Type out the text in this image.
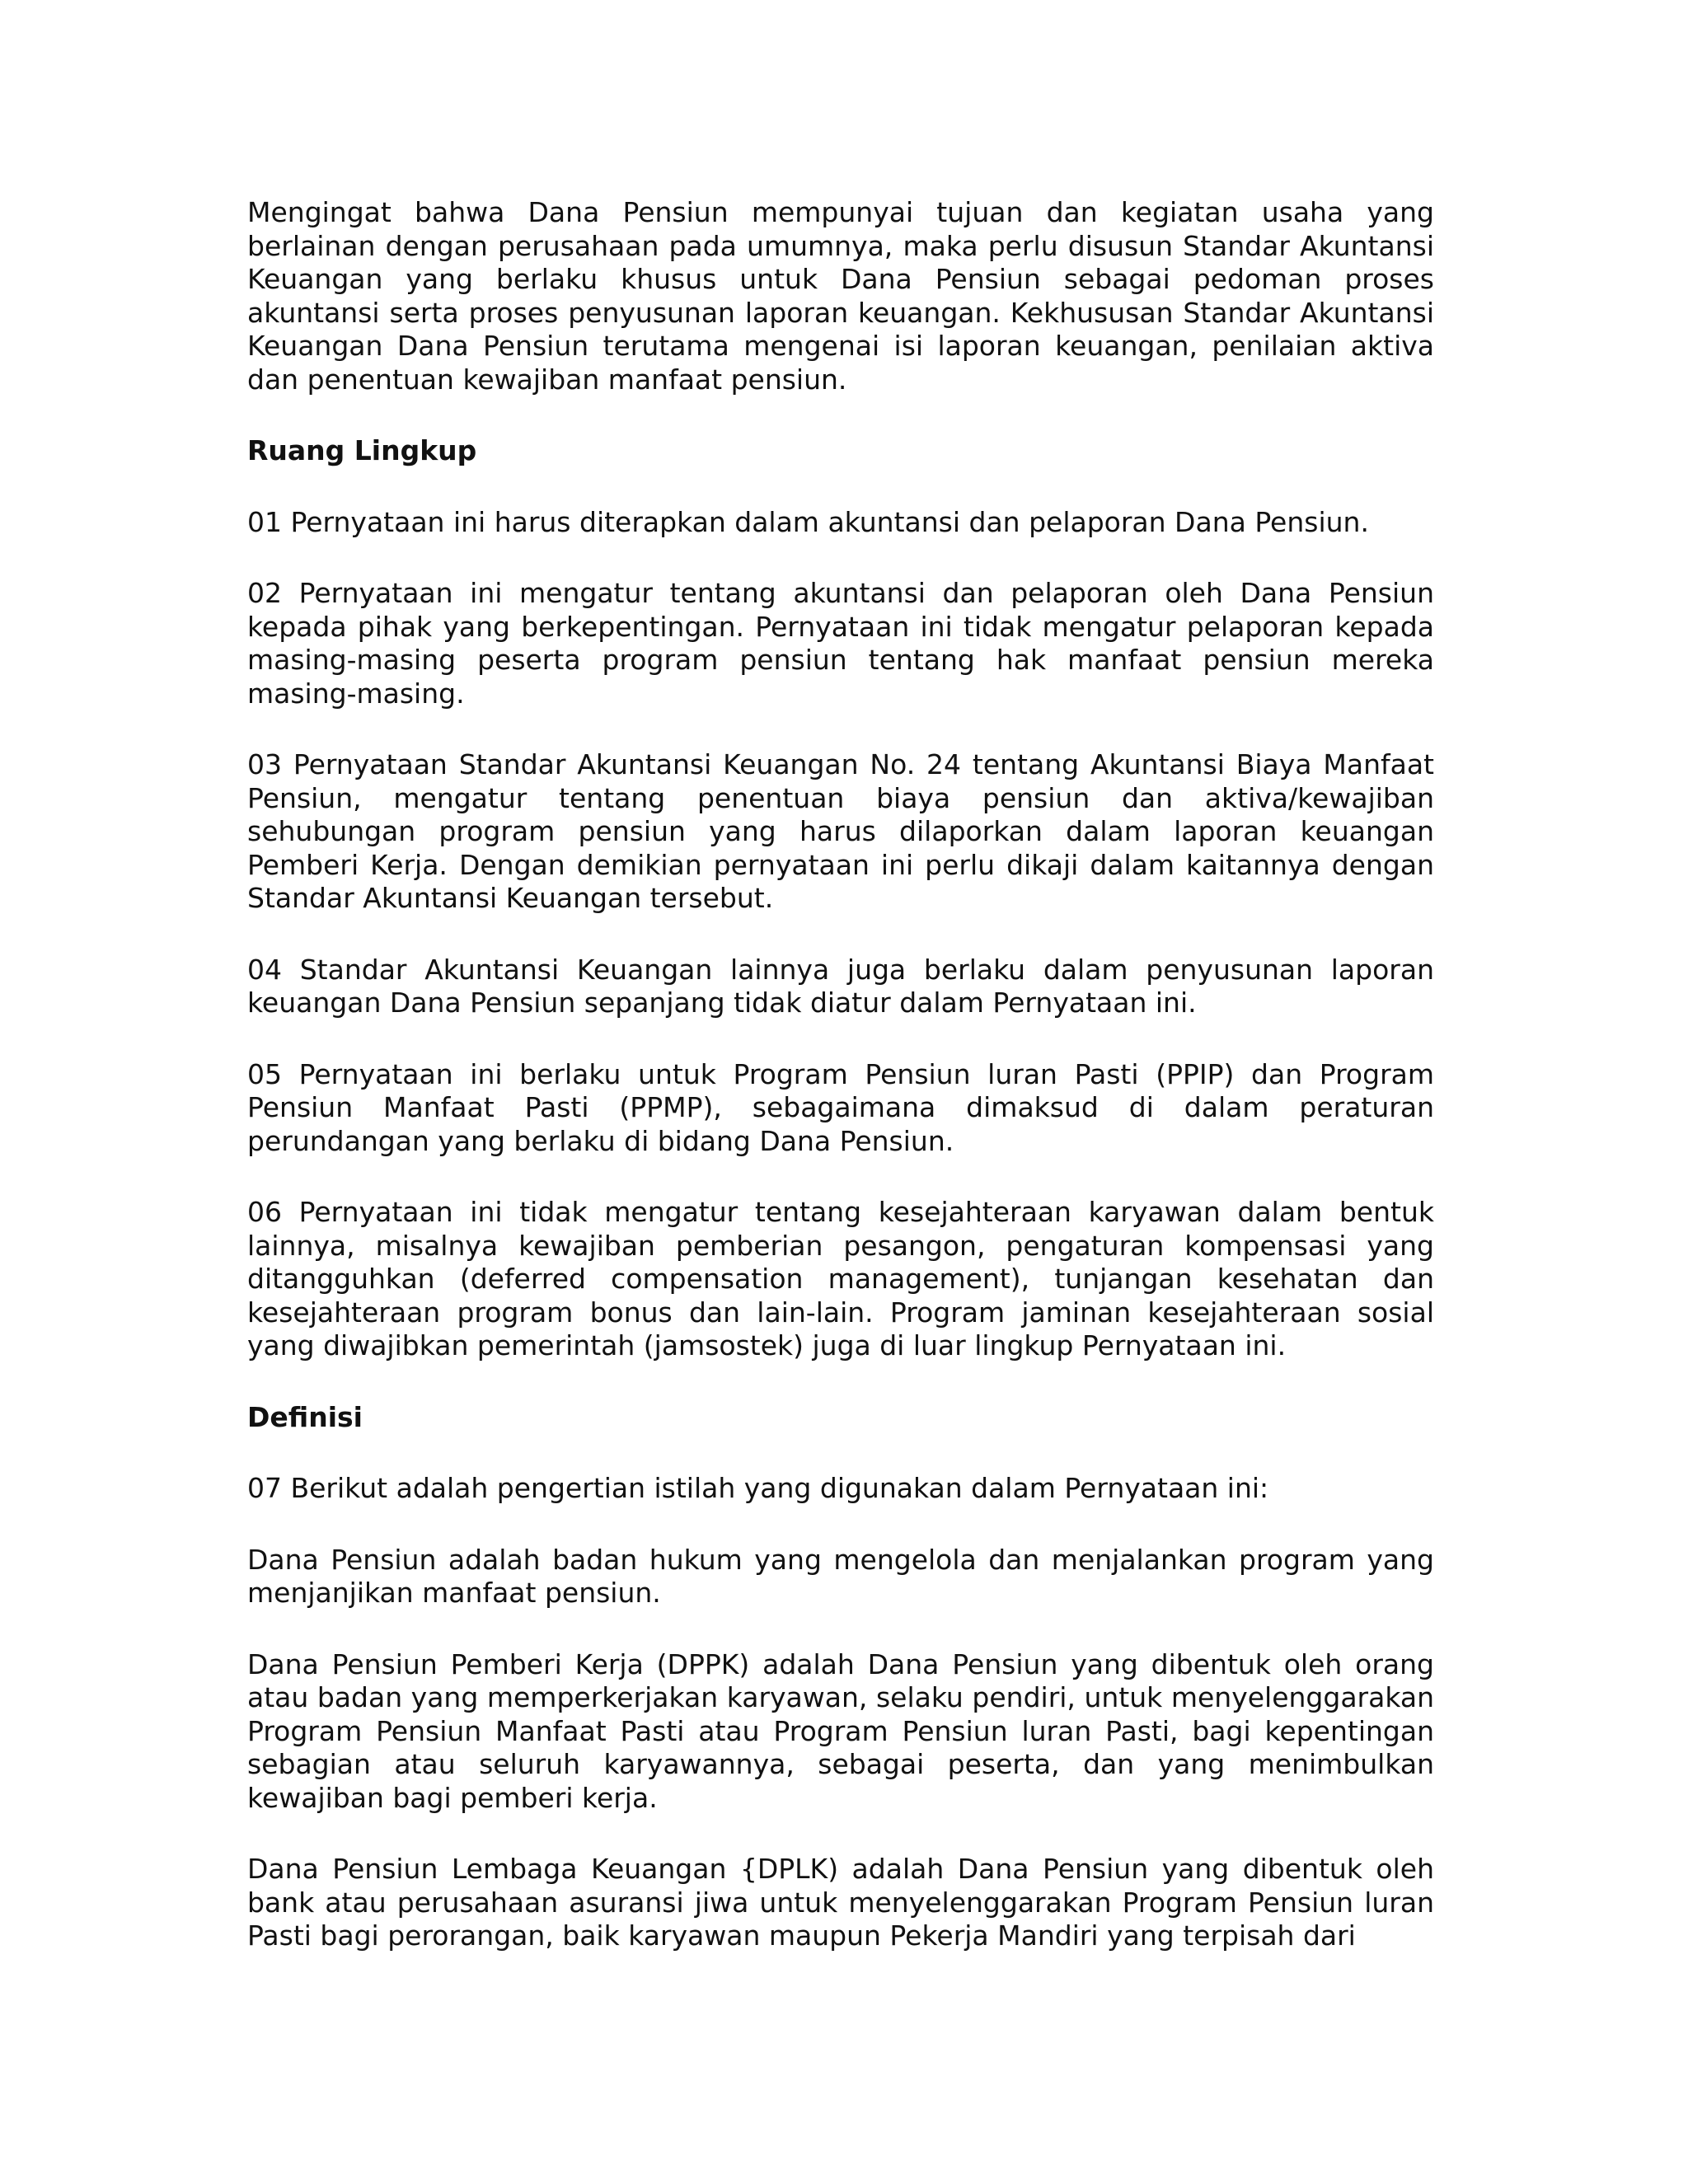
Mengingat bahwa Dana Pensiun mempunyai tujuan dan kegiatan usaha yang berlainan dengan perusahaan pada umumnya, maka perlu disusun Standar Akuntansi Keuangan yang berlaku khusus untuk Dana Pensiun sebagai pedoman proses akuntansi serta proses penyusunan laporan keuangan. Kekhususan Standar Akuntansi Keuangan Dana Pensiun terutama mengenai isi laporan keuangan, penilaian aktiva dan penentuan kewajiban manfaat pensiun.

Ruang Lingkup

01 Pernyataan ini harus diterapkan dalam akuntansi dan pelaporan Dana Pensiun.

02 Pernyataan ini mengatur tentang akuntansi dan pelaporan oleh Dana Pensiun kepada pihak yang berkepentingan. Pernyataan ini tidak mengatur pelaporan kepada masing-masing peserta program pensiun tentang hak manfaat pensiun mereka masing-masing.

03 Pernyataan Standar Akuntansi Keuangan No. 24 tentang Akuntansi Biaya Manfaat Pensiun, mengatur tentang penentuan biaya pensiun dan aktiva/kewajiban sehubungan program pensiun yang harus dilaporkan dalam laporan keuangan Pemberi Kerja. Dengan demikian pernyataan ini perlu dikaji dalam kaitannya dengan Standar Akuntansi Keuangan tersebut.

04 Standar Akuntansi Keuangan lainnya juga berlaku dalam penyusunan laporan keuangan Dana Pensiun sepanjang tidak diatur dalam Pernyataan ini.

05 Pernyataan ini berlaku untuk Program Pensiun luran Pasti (PPIP) dan Program Pensiun Manfaat Pasti (PPMP), sebagaimana dimaksud di dalam peraturan perundangan yang berlaku di bidang Dana Pensiun.

06 Pernyataan ini tidak mengatur tentang kesejahteraan karyawan dalam bentuk lainnya, misalnya kewajiban pemberian pesangon, pengaturan kompensasi yang ditangguhkan (deferred compensation management), tunjangan kesehatan dan kesejahteraan program bonus dan lain-lain. Program jaminan kesejahteraan sosial yang diwajibkan pemerintah (jamsostek) juga di luar lingkup Pernyataan ini.

Definisi

07 Berikut adalah pengertian istilah yang digunakan dalam Pernyataan ini:

Dana Pensiun adalah badan hukum yang mengelola dan menjalankan program yang menjanjikan manfaat pensiun.

Dana Pensiun Pemberi Kerja (DPPK) adalah Dana Pensiun yang dibentuk oleh orang atau badan yang memperkerjakan karyawan, selaku pendiri, untuk menyelenggarakan Program Pensiun Manfaat Pasti atau Program Pensiun luran Pasti, bagi kepentingan sebagian atau seluruh karyawannya, sebagai peserta, dan yang menimbulkan kewajiban bagi pemberi kerja.

Dana Pensiun Lembaga Keuangan {DPLK) adalah Dana Pensiun yang dibentuk oleh bank atau perusahaan asuransi jiwa untuk menyelenggarakan Program Pensiun luran Pasti bagi perorangan, baik karyawan maupun Pekerja Mandiri yang terpisah dari
